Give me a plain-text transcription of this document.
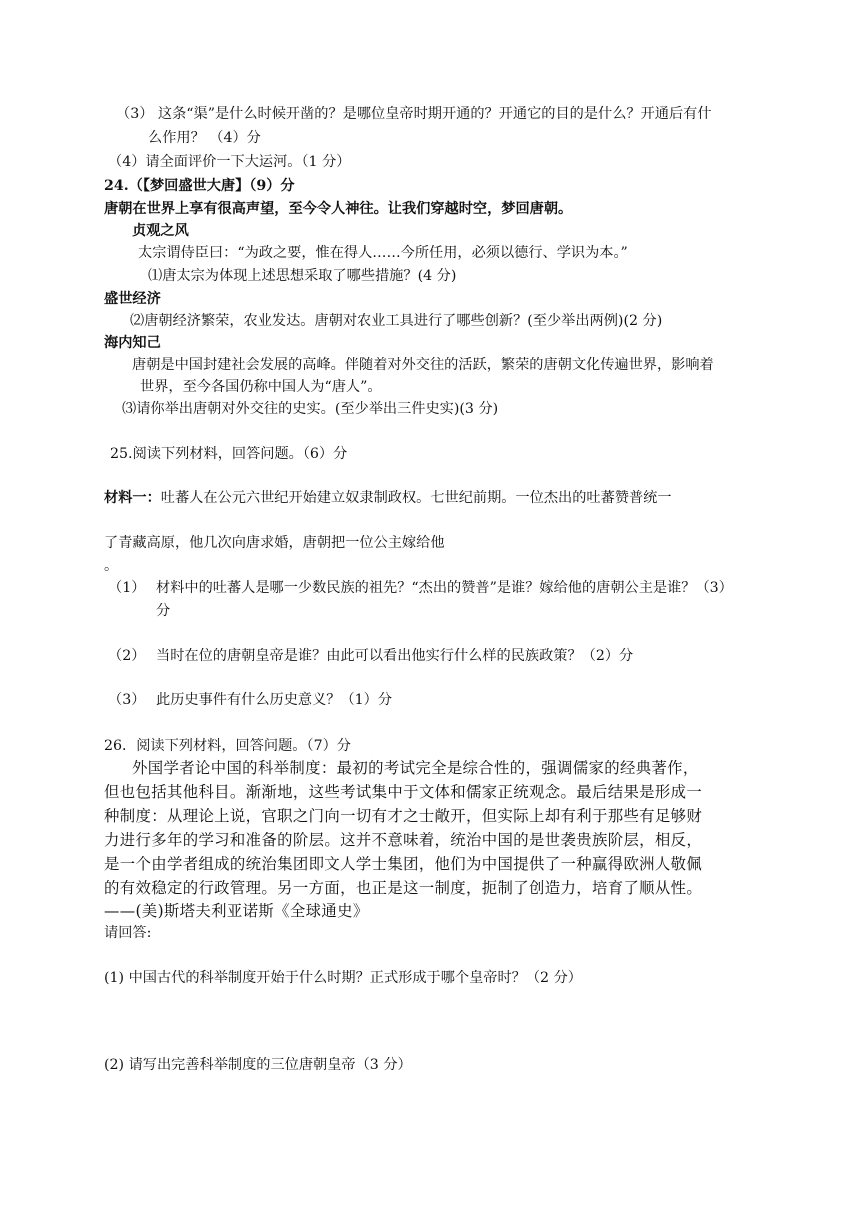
（3） 这条“渠”是什么时候开凿的？是哪位皇帝时期开通的？开通它的目的是什么？开通后有什
么作用？ （4）分
（4）请全面评价一下大运河。（1 分）
24.（【梦回盛世大唐】（9）分
唐朝在世界上享有很高声望，至今令人神往。让我们穿越时空，梦回唐朝。
贞观之风
太宗谓侍臣曰：“为政之要，惟在得人……今所任用，必须以德行、学识为本。”
⑴唐太宗为体现上述思想采取了哪些措施？(4 分)
盛世经济
⑵唐朝经济繁荣，农业发达。唐朝对农业工具进行了哪些创新？(至少举出两例)(2 分)
海内知己
唐朝是中国封建社会发展的高峰。伴随着对外交往的活跃，繁荣的唐朝文化传遍世界，影响着
世界，至今各国仍称中国人为“唐人”。
⑶请你举出唐朝对外交往的史实。(至少举出三件史实)(3 分)
25.阅读下列材料，回答问题。（6）分
材料一：吐蕃人在公元六世纪开始建立奴隶制政权。七世纪前期。一位杰出的吐蕃赞普统一
了青藏高原，他几次向唐求婚，唐朝把一位公主嫁给他
。
（1） 材料中的吐蕃人是哪一少数民族的祖先？“杰出的赞普”是谁？嫁给他的唐朝公主是谁？（3）
分
（2） 当时在位的唐朝皇帝是谁？由此可以看出他实行什么样的民族政策？（2）分
（3） 此历史事件有什么历史意义？（1）分
26．阅读下列材料，回答问题。（7）分
外国学者论中国的科举制度：最初的考试完全是综合性的，强调儒家的经典著作，
但也包括其他科目。渐渐地，这些考试集中于文体和儒家正统观念。最后结果是形成一
种制度：从理论上说，官职之门向一切有才之士敞开，但实际上却有利于那些有足够财
力进行多年的学习和准备的阶层。这并不意味着，统治中国的是世袭贵族阶层，相反，
是一个由学者组成的统治集团即文人学士集团，他们为中国提供了一种赢得欧洲人敬佩
的有效稳定的行政管理。另一方面，也正是这一制度，扼制了创造力，培育了顺从性。
——(美)斯塔夫利亚诺斯《全球通史》
请回答:
(1) 中国古代的科举制度开始于什么时期？正式形成于哪个皇帝时？（2 分）
(2) 请写出完善科举制度的三位唐朝皇帝（3 分）
